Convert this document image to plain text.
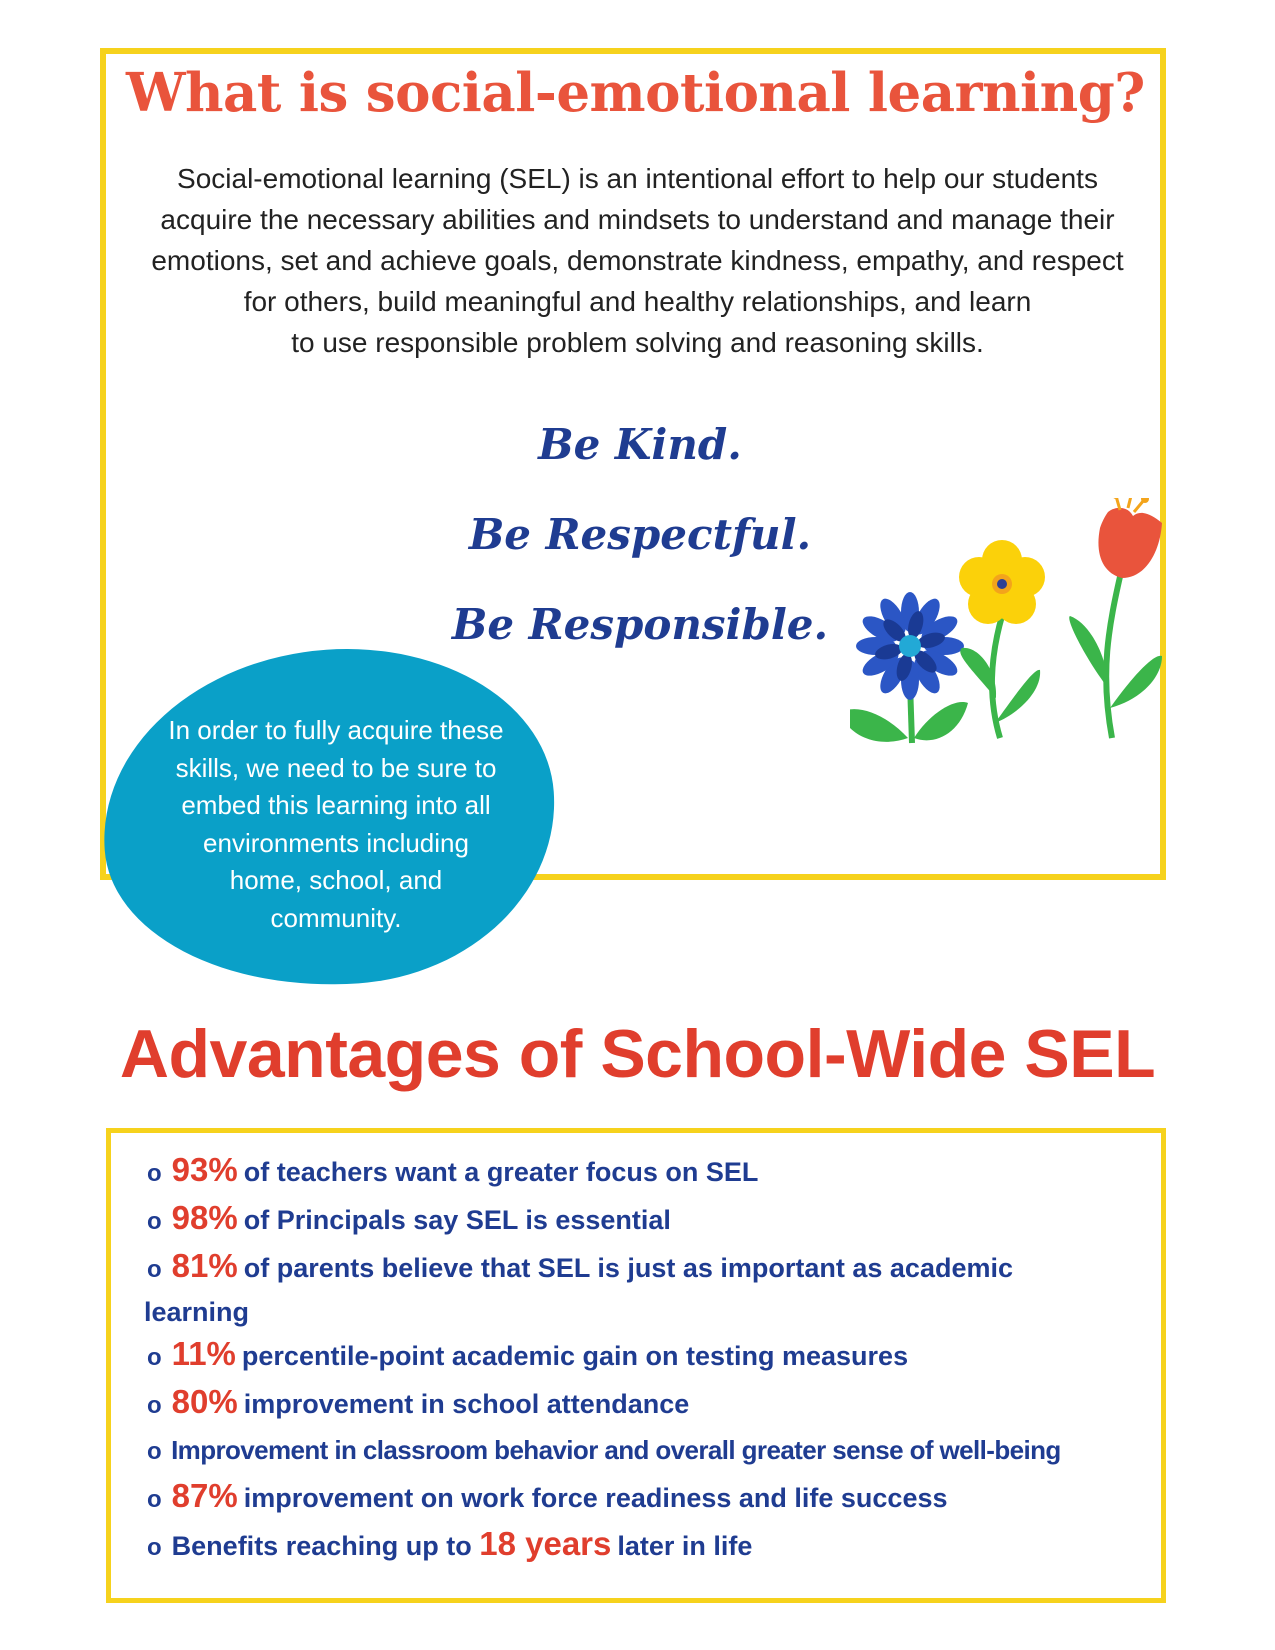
What is social-emotional learning?
Social-emotional learning (SEL) is an intentional effort to help our students
acquire the necessary abilities and mindsets to understand and manage their
emotions, set and achieve goals, demonstrate kindness, empathy, and respect
for others, build meaningful and healthy relationships, and learn
to use responsible problem solving and reasoning skills.
Be Kind.
Be Respectful.
Be Responsible.
In order to fully acquire these
skills, we need to be sure to
embed this learning into all
environments including
home, school, and
community.
Advantages of School-Wide SEL
o 93% of teachers want a greater focus on SEL
o 98% of Principals say SEL is essential
o 81% of parents believe that SEL is just as important as academic
learning
o 11% percentile-point academic gain on testing measures
o 80% improvement in school attendance
o Improvement in classroom behavior and overall greater sense of well-being
o 87% improvement on work force readiness and life success
o Benefits reaching up to 18 years later in life
